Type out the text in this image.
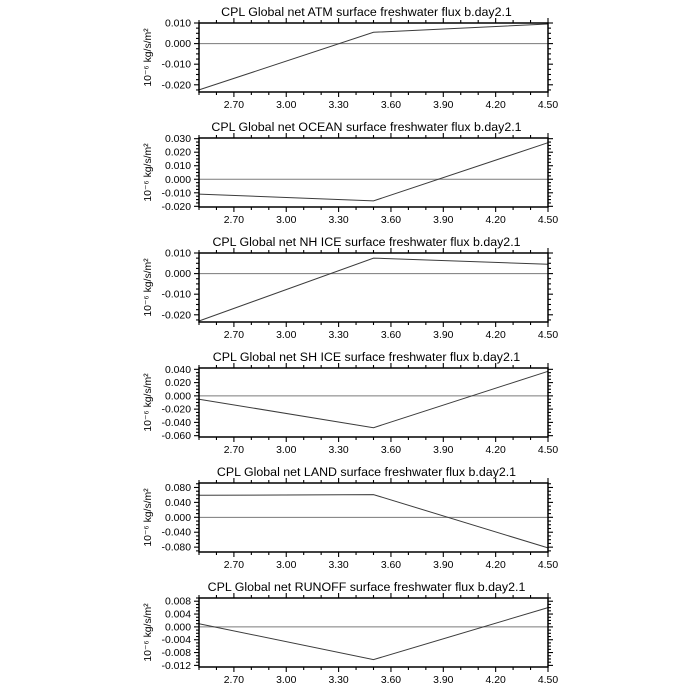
CPL Global net ATM surface freshwater flux b.day2.1
2.70	3.00	3.30	3.60	3.90	4.20	4.50
0.010
0.000
-0.010
-0.020
10⁻⁶ kg/s/m²
CPL Global net OCEAN surface freshwater flux b.day2.1
2.70	3.00	3.30	3.60	3.90	4.20	4.50
0.030
0.020
0.010
0.000
-0.010
-0.020
10⁻⁶ kg/s/m²
CPL Global net NH ICE surface freshwater flux b.day2.1
2.70	3.00	3.30	3.60	3.90	4.20	4.50
0.010
0.000
-0.010
-0.020
10⁻⁶ kg/s/m²
CPL Global net SH ICE surface freshwater flux b.day2.1
2.70	3.00	3.30	3.60	3.90	4.20	4.50
0.040
0.020
0.000
-0.020
-0.040
-0.060
10⁻⁶ kg/s/m²
CPL Global net LAND surface freshwater flux b.day2.1
2.70	3.00	3.30	3.60	3.90	4.20	4.50
0.080
0.040
0.000
-0.040
-0.080
10⁻⁶ kg/s/m²
CPL Global net RUNOFF surface freshwater flux b.day2.1
2.70	3.00	3.30	3.60	3.90	4.20	4.50
0.008
0.004
0.000
-0.004
-0.008
-0.012
10⁻⁶ kg/s/m²
